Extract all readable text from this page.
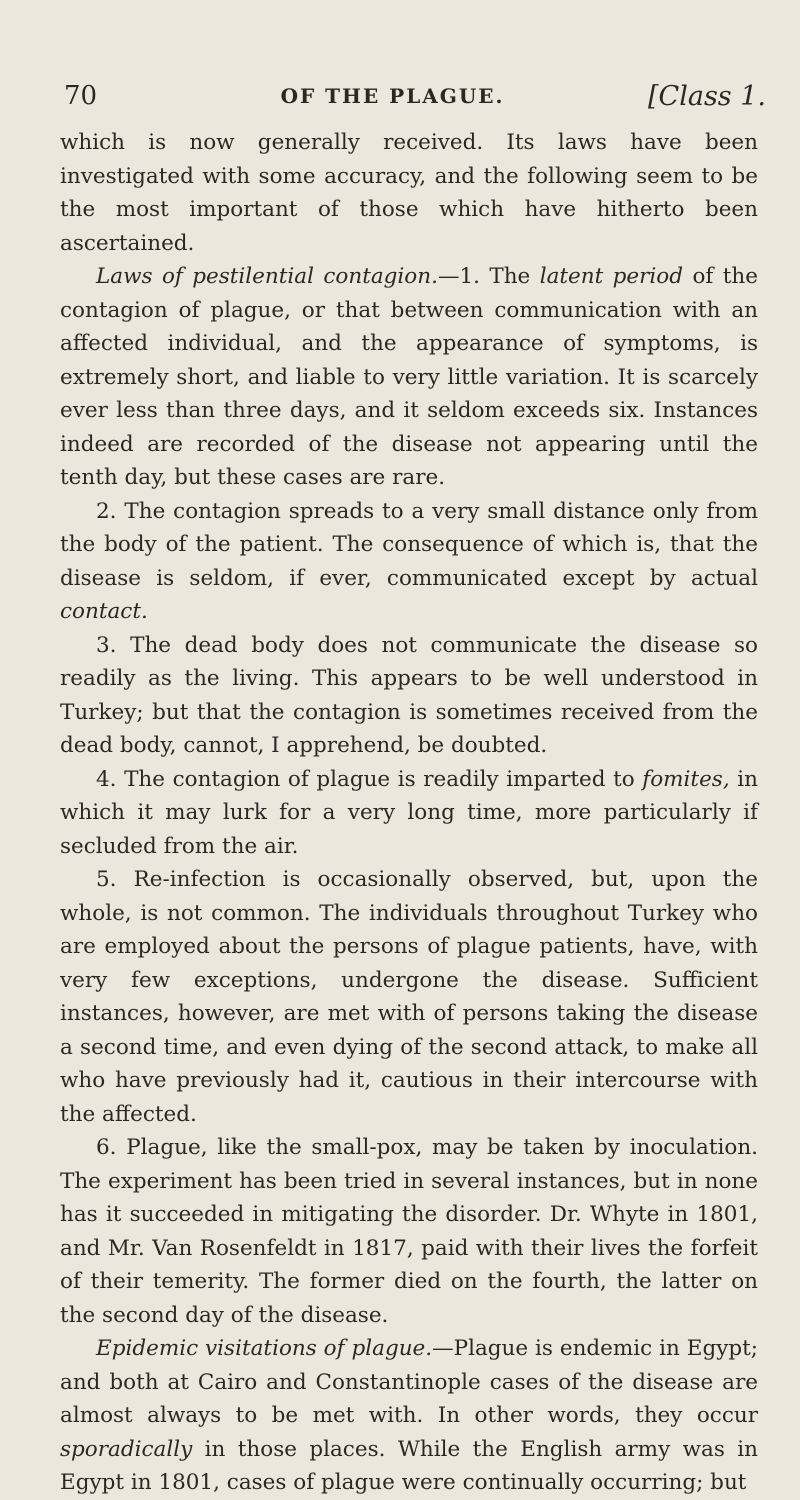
70	OF THE PLAGUE.	[Class 1.

which is now generally received. Its laws have been investigated with some accuracy, and the following seem to be the most important of those which have hitherto been ascertained.

Laws of pestilential contagion.—1. The latent period of the contagion of plague, or that between communication with an affected individual, and the appearance of symptoms, is extremely short, and liable to very little variation. It is scarcely ever less than three days, and it seldom exceeds six. Instances indeed are recorded of the disease not appearing until the tenth day, but these cases are rare.

2. The contagion spreads to a very small distance only from the body of the patient. The consequence of which is, that the disease is seldom, if ever, communicated except by actual contact.

3. The dead body does not communicate the disease so readily as the living. This appears to be well understood in Turkey; but that the contagion is sometimes received from the dead body, cannot, I apprehend, be doubted.

4. The contagion of plague is readily imparted to fomites, in which it may lurk for a very long time, more particularly if secluded from the air.

5. Re-infection is occasionally observed, but, upon the whole, is not common. The individuals throughout Turkey who are employed about the persons of plague patients, have, with very few exceptions, undergone the disease. Sufficient instances, however, are met with of persons taking the disease a second time, and even dying of the second attack, to make all who have previously had it, cautious in their intercourse with the affected.

6. Plague, like the small-pox, may be taken by inoculation. The experiment has been tried in several instances, but in none has it succeeded in mitigating the disorder. Dr. Whyte in 1801, and Mr. Van Rosenfeldt in 1817, paid with their lives the forfeit of their temerity. The former died on the fourth, the latter on the second day of the disease.

Epidemic visitations of plague.—Plague is endemic in Egypt; and both at Cairo and Constantinople cases of the disease are almost always to be met with. In other words, they occur sporadically in those places. While the English army was in Egypt in 1801, cases of plague were continually occurring; but
